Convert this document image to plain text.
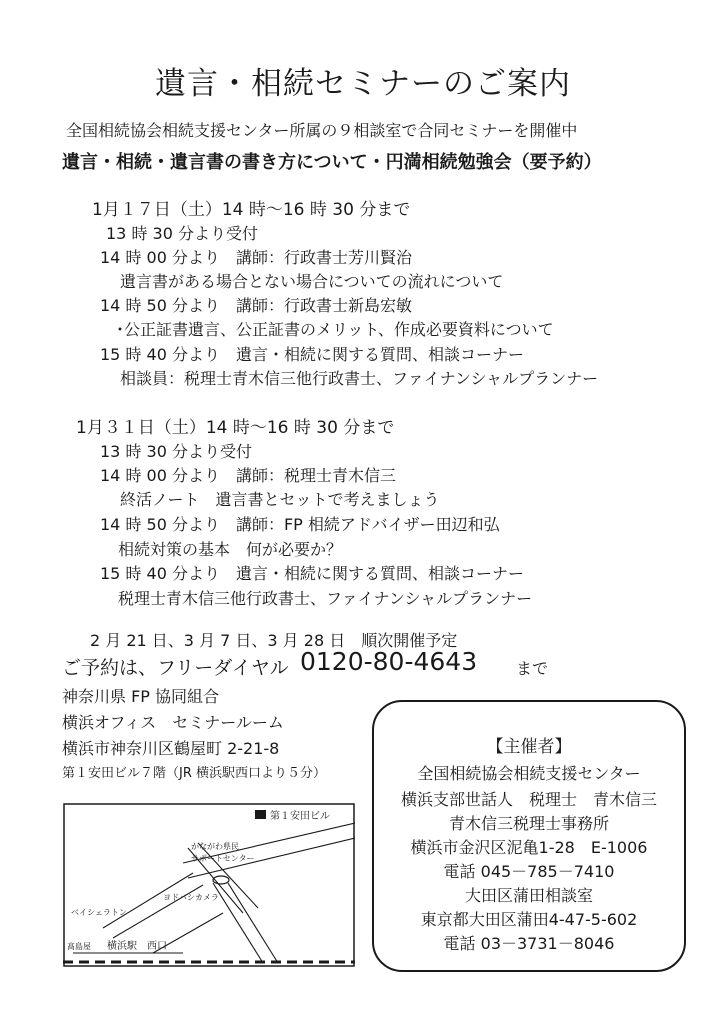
遺言・相続セミナーのご案内
全国相続協会相続支援センター所属の９相談室で合同セミナーを開催中
遺言・相続・遺言書の書き方について・円満相続勉強会（要予約）
1月１７日（土）14 時～16 時 30 分まで
13 時 30 分より受付
14 時 00 分より　講師：行政書士芳川賢治
遺言書がある場合とない場合についての流れについて
14 時 50 分より　講師：行政書士新島宏敏
･公正証書遺言、公正証書のメリット、作成必要資料について
15 時 40 分より　遺言・相続に関する質問、相談コーナー
相談員：税理士青木信三他行政書士、ファイナンシャルプランナー
1月３１日（土）14 時～16 時 30 分まで
13 時 30 分より受付
14 時 00 分より　講師：税理士青木信三
終活ノート　遺言書とセットで考えましょう
14 時 50 分より　講師：FP 相続アドバイザー田辺和弘
相続対策の基本　何が必要か？
15 時 40 分より　遺言・相続に関する質問、相談コーナー
税理士青木信三他行政書士、ファイナンシャルプランナー
2 月 21 日、3 月 7 日、3 月 28 日　順次開催予定
ご予約は、フリーダイヤル 0120-80-4643 まで
神奈川県 FP 協同組合
横浜オフィス　セミナールーム
横浜市神奈川区鶴屋町 2-21-8
第１安田ビル７階（JR 横浜駅西口より５分）
第１安田ビル
かながわ県民
サポートセンター
ベイシェラトン
ヨドバシカメラ
髙島屋 横浜駅 西口
【主催者】
全国相続協会相続支援センター
横浜支部世話人　税理士　青木信三
青木信三税理士事務所
横浜市金沢区泥亀1-28　E-1006
電話 045－785－7410
大田区蒲田相談室
東京都大田区蒲田4-47-5-602
電話 03－3731－8046
